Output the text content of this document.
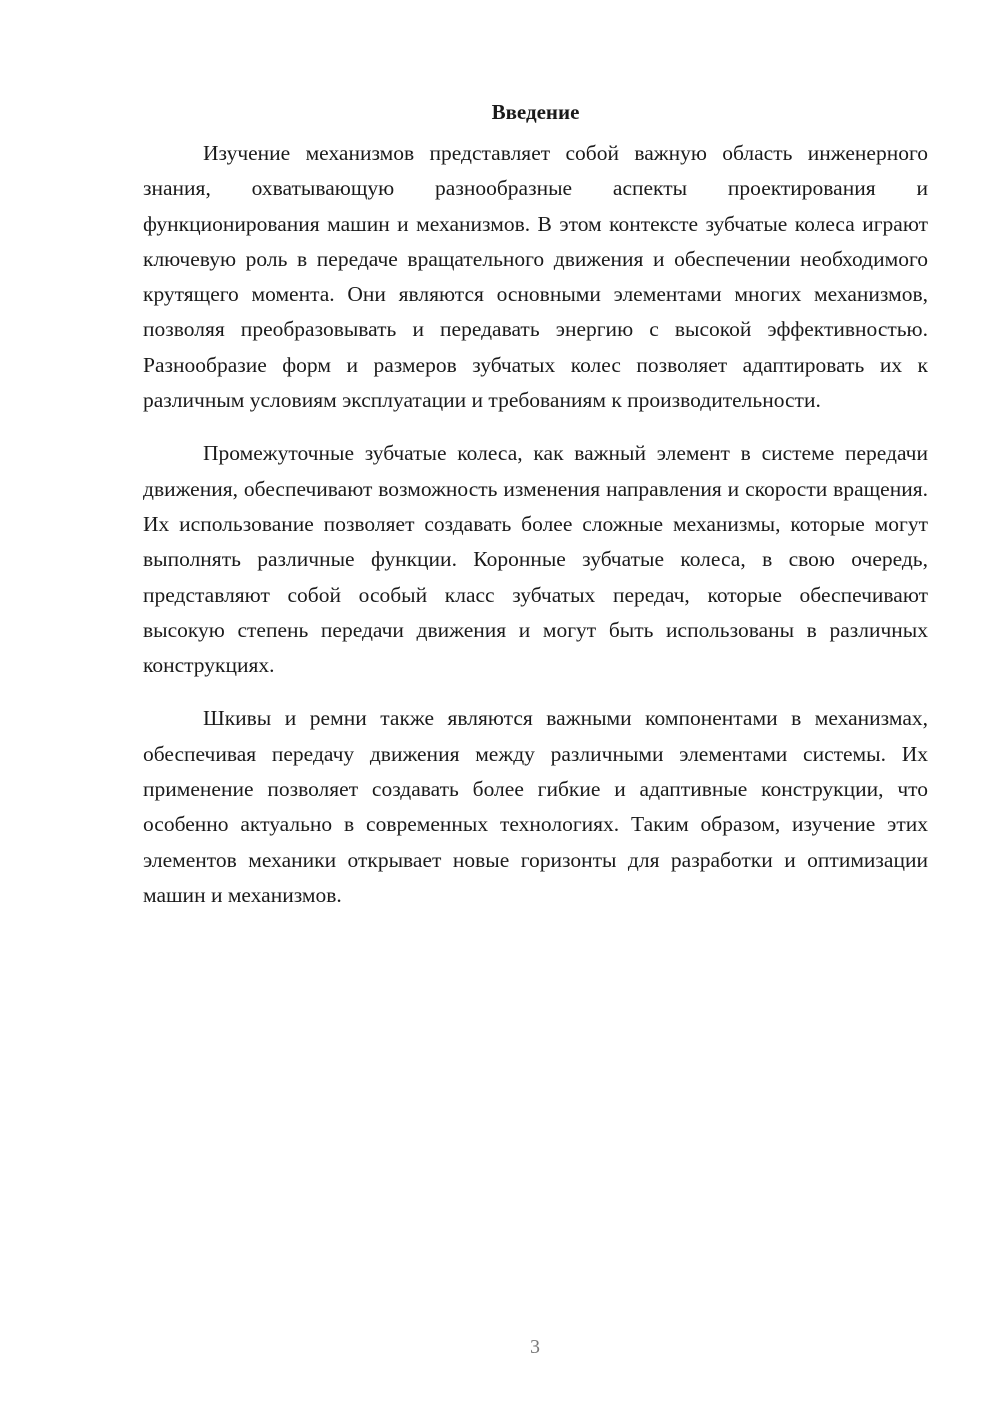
Введение

Изучение механизмов представляет собой важную область инженерного знания, охватывающую разнообразные аспекты проектирования и функционирования машин и механизмов. В этом контексте зубчатые колеса играют ключевую роль в передаче вращательного движения и обеспечении необходимого крутящего момента. Они являются основными элементами многих механизмов, позволяя преобразовывать и передавать энергию с высокой эффективностью. Разнообразие форм и размеров зубчатых колес позволяет адаптировать их к различным условиям эксплуатации и требованиям к производительности.

Промежуточные зубчатые колеса, как важный элемент в системе передачи движения, обеспечивают возможность изменения направления и скорости вращения. Их использование позволяет создавать более сложные механизмы, которые могут выполнять различные функции. Коронные зубчатые колеса, в свою очередь, представляют собой особый класс зубчатых передач, которые обеспечивают высокую степень передачи движения и могут быть использованы в различных конструкциях.

Шкивы и ремни также являются важными компонентами в механизмах, обеспечивая передачу движения между различными элементами системы. Их применение позволяет создавать более гибкие и адаптивные конструкции, что особенно актуально в современных технологиях. Таким образом, изучение этих элементов механики открывает новые горизонты для разработки и оптимизации машин и механизмов.

3
